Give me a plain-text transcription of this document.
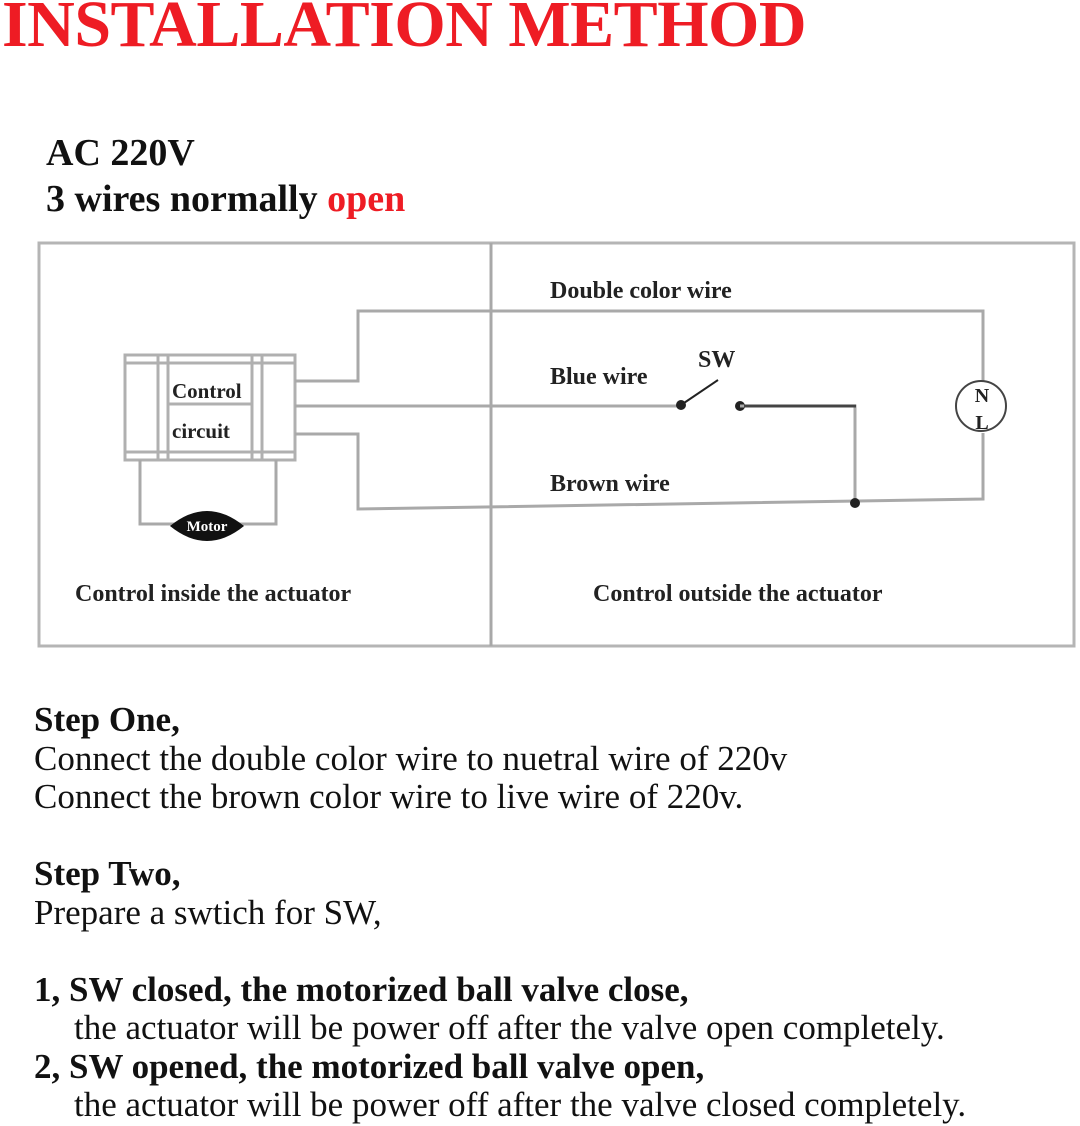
INSTALLATION METHOD
AC 220V
3 wires normally open
Control
circuit
Motor
SW
N
L
Double color wire
Blue wire
Brown wire
Control inside the actuator	Control outside the actuator
Step One,
Connect the double color wire to nuetral wire of 220v
Connect the brown color wire to live wire of 220v.
Step Two,
Prepare a swtich for SW,
1, SW closed, the motorized ball valve close,
the actuator will be power off after the valve open completely.
2, SW opened, the motorized ball valve open,
the actuator will be power off after the valve closed completely.
